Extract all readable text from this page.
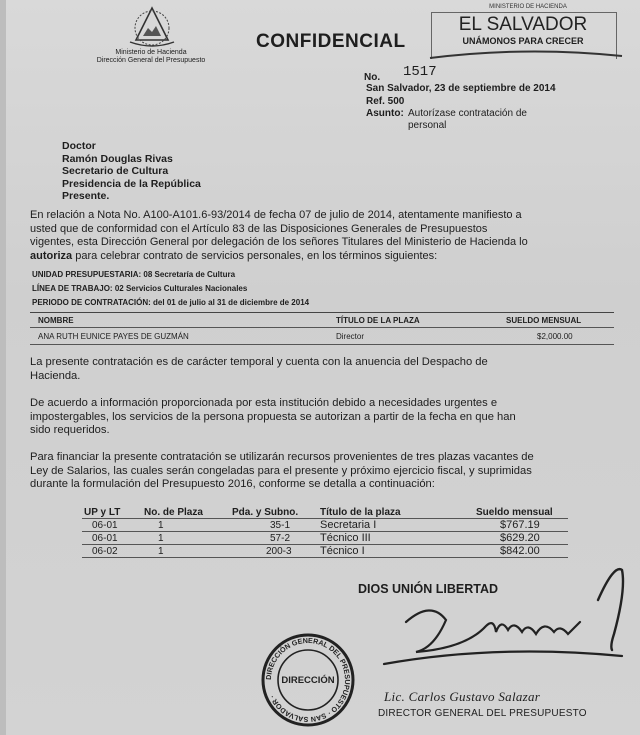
Ministerio de Hacienda
Dirección General del Presupuesto
CONFIDENCIAL
MINISTERIO DE HACIENDA
EL SALVADOR
UNÁMONOS PARA CRECER
No. 1517
San Salvador, 23 de septiembre de 2014
Ref. 500
Asunto: Autorízase contratación de
personal
Doctor
Ramón Douglas Rivas
Secretario de Cultura
Presidencia de la República
Presente.
En relación a Nota No. A100-A101.6-93/2014 de fecha 07 de julio de 2014, atentamente manifiesto a
usted que de conformidad con el Artículo 83 de las Disposiciones Generales de Presupuestos
vigentes, esta Dirección General por delegación de los señores Titulares del Ministerio de Hacienda lo
autoriza para celebrar contrato de servicios personales, en los términos siguientes:
UNIDAD PRESUPUESTARIA: 08 Secretaría de Cultura
LÍNEA DE TRABAJO: 02 Servicios Culturales Nacionales
PERIODO DE CONTRATACIÓN: del 01 de julio al 31 de diciembre de 2014
NOMBRE	TÍTULO DE LA PLAZA	SUELDO MENSUAL
ANA RUTH EUNICE PAYES DE GUZMÁN	Director	$2,000.00
La presente contratación es de carácter temporal y cuenta con la anuencia del Despacho de
Hacienda.
De acuerdo a información proporcionada por esta institución debido a necesidades urgentes e
impostergables, los servicios de la persona propuesta se autorizan a partir de la fecha en que han
sido requeridos.
Para financiar la presente contratación se utilizarán recursos provenientes de tres plazas vacantes de
Ley de Salarios, las cuales serán congeladas para el presente y próximo ejercicio fiscal, y suprimidas
durante la formulación del Presupuesto 2016, conforme se detalla a continuación:
UP y LT	No. de Plaza	Pda. y Subno.	Título de la plaza	Sueldo mensual
06-01	1	35-1	Secretaria I	$767.19
06-01	1	57-2	Técnico III	$629.20
06-02	1	200-3	Técnico I	$842.00
DIOS UNIÓN LIBERTAD
DIRECCIÓN GENERAL DEL PRESUPUESTO · SAN SALVADOR ·
DIRECCIÓN
Lic. Carlos Gustavo Salazar
DIRECTOR GENERAL DEL PRESUPUESTO
